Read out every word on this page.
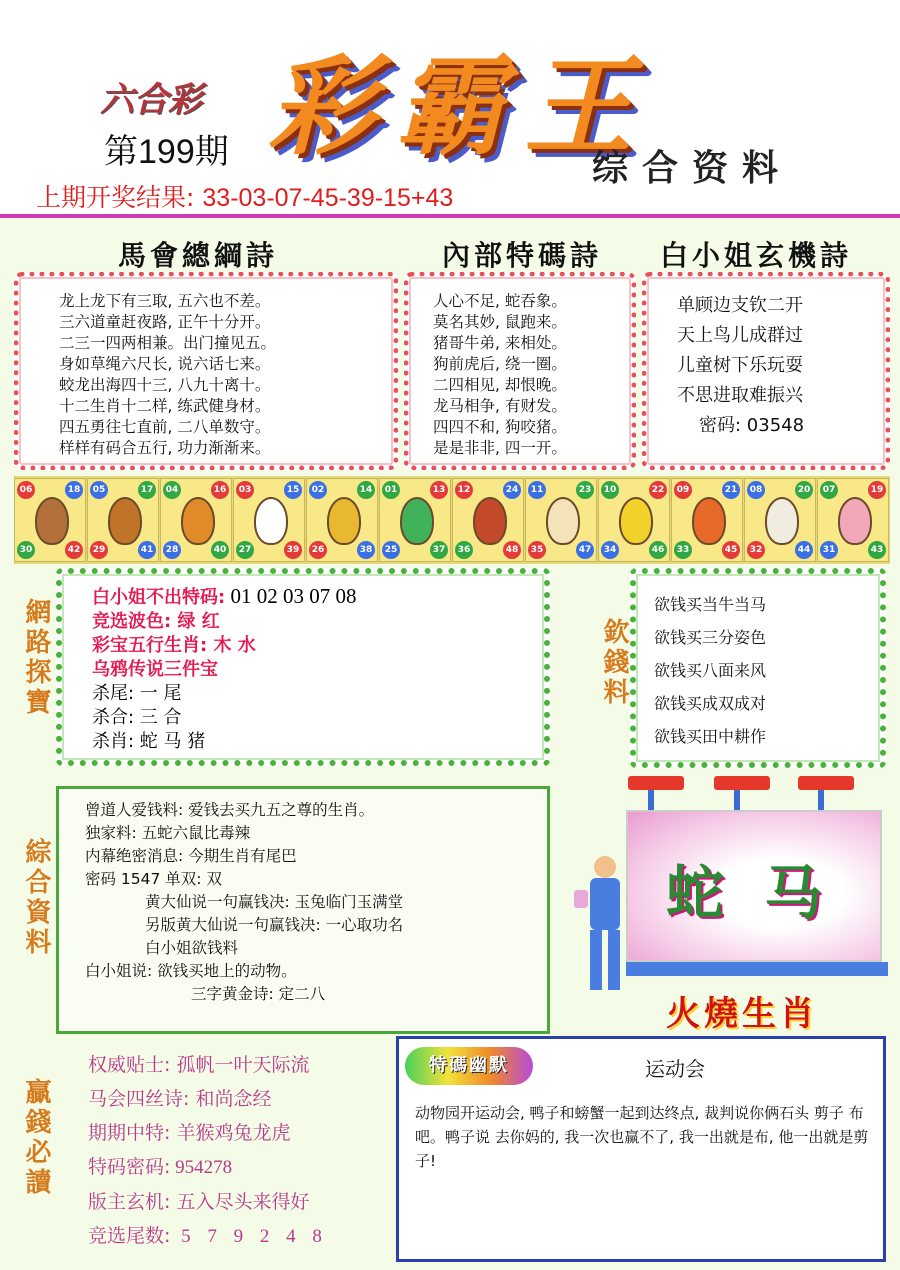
六合彩
第199期 彩霸王
综合资料
上期开奖结果: 33-03-07-45-39-15+43
馬會總綱詩	內部特碼詩 白小姐玄機詩
龙上龙下有三取, 五六也不差。
三六道童赶夜路, 正午十分开。
二三一四两相兼。出门撞见五。
身如草绳六尺长, 说六话七来。
蛟龙出海四十三, 八九十离十。
十二生肖十二样, 练武健身材。
四五勇往七直前, 二八单数守。
样样有码合五行, 功力渐渐来。
人心不足, 蛇吞象。
莫名其妙, 鼠跑来。
猪哥牛弟, 来相处。
狗前虎后, 绕一圈。
二四相见, 却恨晚。
龙马相争, 有财发。
四四不和, 狗咬猪。
是是非非, 四一开。
单顾边支钦二开
天上鸟儿成群过
儿童树下乐玩耍
不思进取难振兴
密码: 03548
06	18
30	42
05	17
29	41
04	16
28	40
03	15
27	39
02	14
26	38
01	13
25	37
12	24
36	48
11	23
35	47
10	22
34	46
09	21
33	45
08	20
32	44
07	19
31	43
網路探寶
白小姐不出特码: 01 02 03 07 08
竞选波色: 绿 红
彩宝五行生肖: 木 水
乌鸦传说三件宝
杀尾: 一 尾
杀合: 三 合
杀肖: 蛇 马 猪
欽錢料
欲钱买当牛当马
欲钱买三分姿色
欲钱买八面来风
欲钱买成双成对
欲钱买田中耕作
綜合資料
曾道人爱钱料: 爱钱去买九五之尊的生肖。
独家料: 五蛇六鼠比毒辣
内幕绝密消息: 今期生肖有尾巴
密码 1547 单双: 双
黄大仙说一句赢钱决: 玉兔临门玉满堂
另版黄大仙说一句赢钱决: 一心取功名
白小姐欲钱料
白小姐说: 欲钱买地上的动物。
三字黄金诗: 定二八
蛇 马
火燒生肖
贏錢必讀
权威贴士: 孤帆一叶天际流
马会四丝诗: 和尚念经
期期中特: 羊猴鸡兔龙虎
特码密码: 954278
版主玄机: 五入尽头来得好
竞选尾数: 5 7 9 2 4 8
特碼幽默	运动会
动物园开运动会, 鸭子和螃蟹一起到达终点, 裁判说你俩石头 剪子 布吧。鸭子说 去你妈的, 我一次也赢不了, 我一出就是布, 他一出就是剪子!
